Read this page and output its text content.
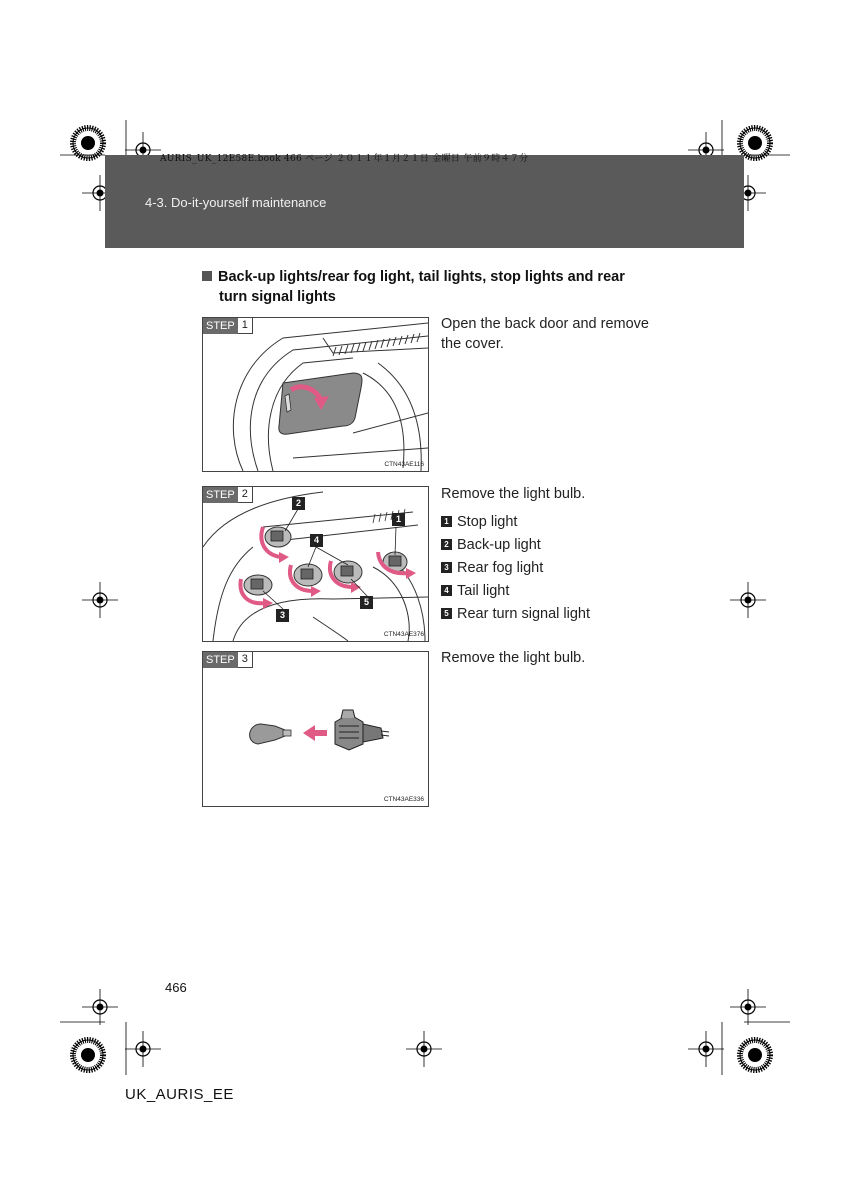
AURIS_UK_12E58E.book 466 ページ ２０１１年１月２１日 金曜日 午前９時４７分
4-3. Do-it-yourself maintenance
Back-up lights/rear fog light, tail lights, stop lights and rear
turn signal lights
STEP 1
CTN43AE116
Open the back door and remove the cover.
STEP 2
2
1
4
5
3
CTN43AE376
Remove the light bulb.
1 Stop light
2 Back-up light
3 Rear fog light
4 Tail light
5 Rear turn signal light
STEP 3
CTN43AE336
Remove the light bulb.
466
UK_AURIS_EE
